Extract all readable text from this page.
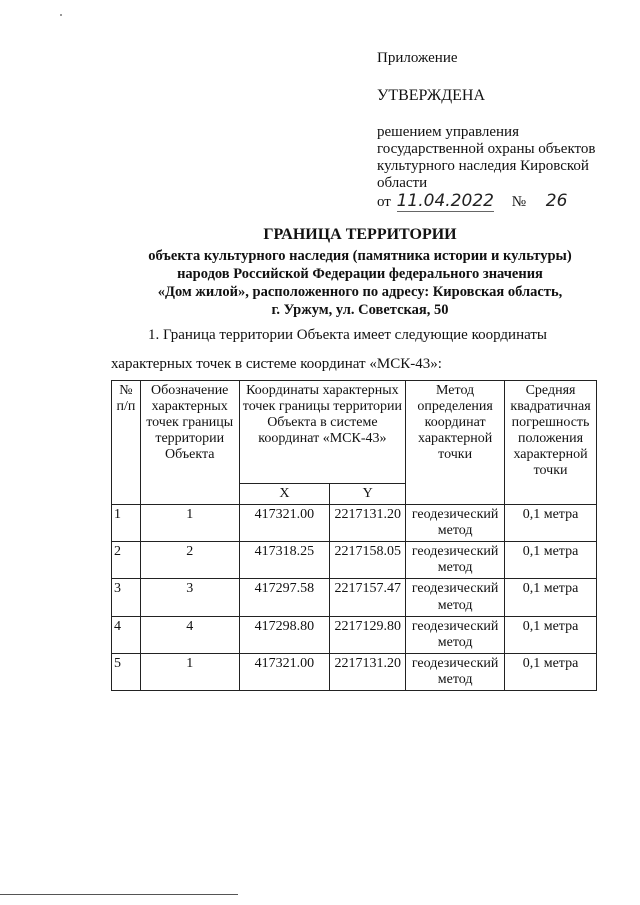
Приложение
УТВЕРЖДЕНА
решением управления
государственной охраны объектов
культурного наследия Кировской
области
от 11.04.2022 № 26
ГРАНИЦА ТЕРРИТОРИИ
объекта культурного наследия (памятника истории и культуры)
народов Российской Федерации федерального значения
«Дом жилой», расположенного по адресу: Кировская область,
г. Уржум, ул. Советская, 50
1. Граница территории Объекта имеет следующие координаты
характерных точек в системе координат «МСК-43»:
№ п/п	Обозначение характерных точек границы территории Объекта	Координаты характерных точек границы территории Объекта в системе координат «МСК-43»		Метод определения координат характерной точки	Средняя квадратичная погрешность положения характерной точки
		X	Y		
1	1	417321.00	2217131.20	геодезический метод	0,1 метра
2	2	417318.25	2217158.05	геодезический метод	0,1 метра
3	3	417297.58	2217157.47	геодезический метод	0,1 метра
4	4	417298.80	2217129.80	геодезический метод	0,1 метра
5	1	417321.00	2217131.20	геодезический метод	0,1 метра
